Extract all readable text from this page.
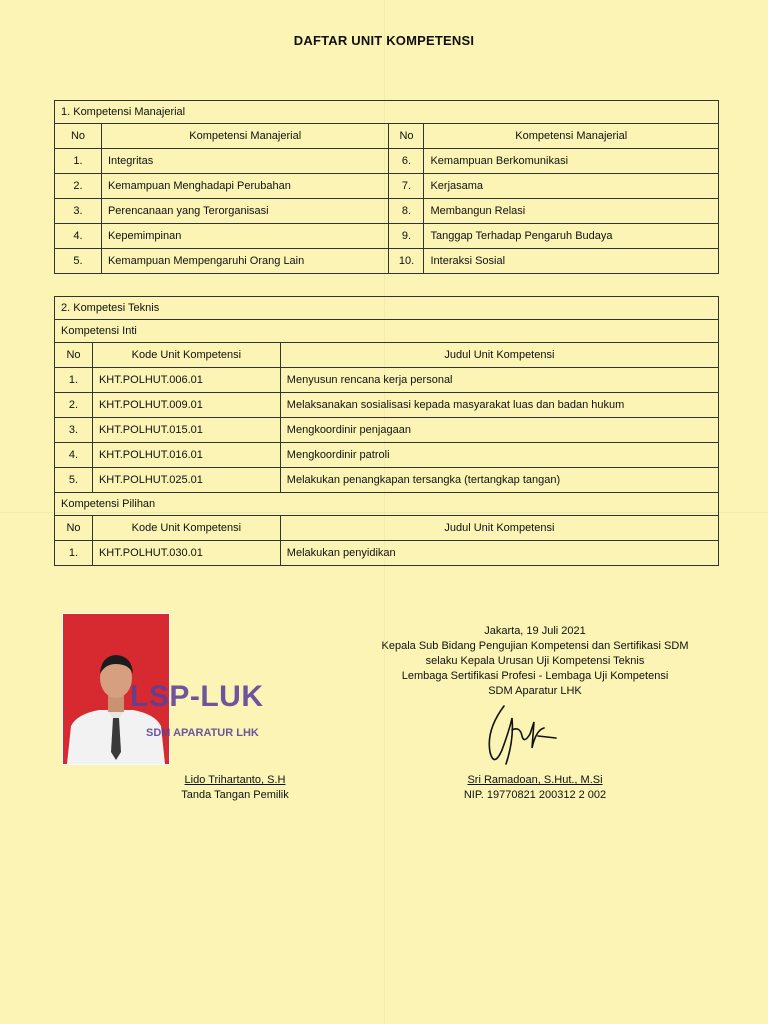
DAFTAR UNIT KOMPETENSI
1. Kompetensi Manajerial			
No	Kompetensi Manajerial	No	Kompetensi Manajerial
1.	Integritas	6.	Kemampuan Berkomunikasi
2.	Kemampuan Menghadapi Perubahan	7.	Kerjasama
3.	Perencanaan yang Terorganisasi	8.	Membangun Relasi
4.	Kepemimpinan	9.	Tanggap Terhadap Pengaruh Budaya
5.	Kemampuan Mempengaruhi Orang Lain	10.	Interaksi Sosial
2. Kompetesi Teknis		
Kompetensi Inti		
No	Kode Unit Kompetensi	Judul Unit Kompetensi
1.	KHT.POLHUT.006.01	Menyusun rencana kerja personal
2.	KHT.POLHUT.009.01	Melaksanakan sosialisasi kepada masyarakat luas dan badan hukum
3.	KHT.POLHUT.015.01	Mengkoordinir penjagaan
4.	KHT.POLHUT.016.01	Mengkoordinir patroli
5.	KHT.POLHUT.025.01	Melakukan penangkapan tersangka (tertangkap tangan)
Kompetensi Pilihan		
No	Kode Unit Kompetensi	Judul Unit Kompetensi
1.	KHT.POLHUT.030.01	Melakukan penyidikan
LSP-LUK
SDM APARATUR LHK
Lido Trihartanto, S.H
Tanda Tangan Pemilik
Jakarta, 19 Juli 2021
Kepala Sub Bidang Pengujian Kompetensi dan Sertifikasi SDM
selaku Kepala Urusan Uji Kompetensi Teknis
Lembaga Sertifikasi Profesi - Lembaga Uji Kompetensi
SDM Aparatur LHK
Sri Ramadoan, S.Hut., M.Si
NIP. 19770821 200312 2 002
